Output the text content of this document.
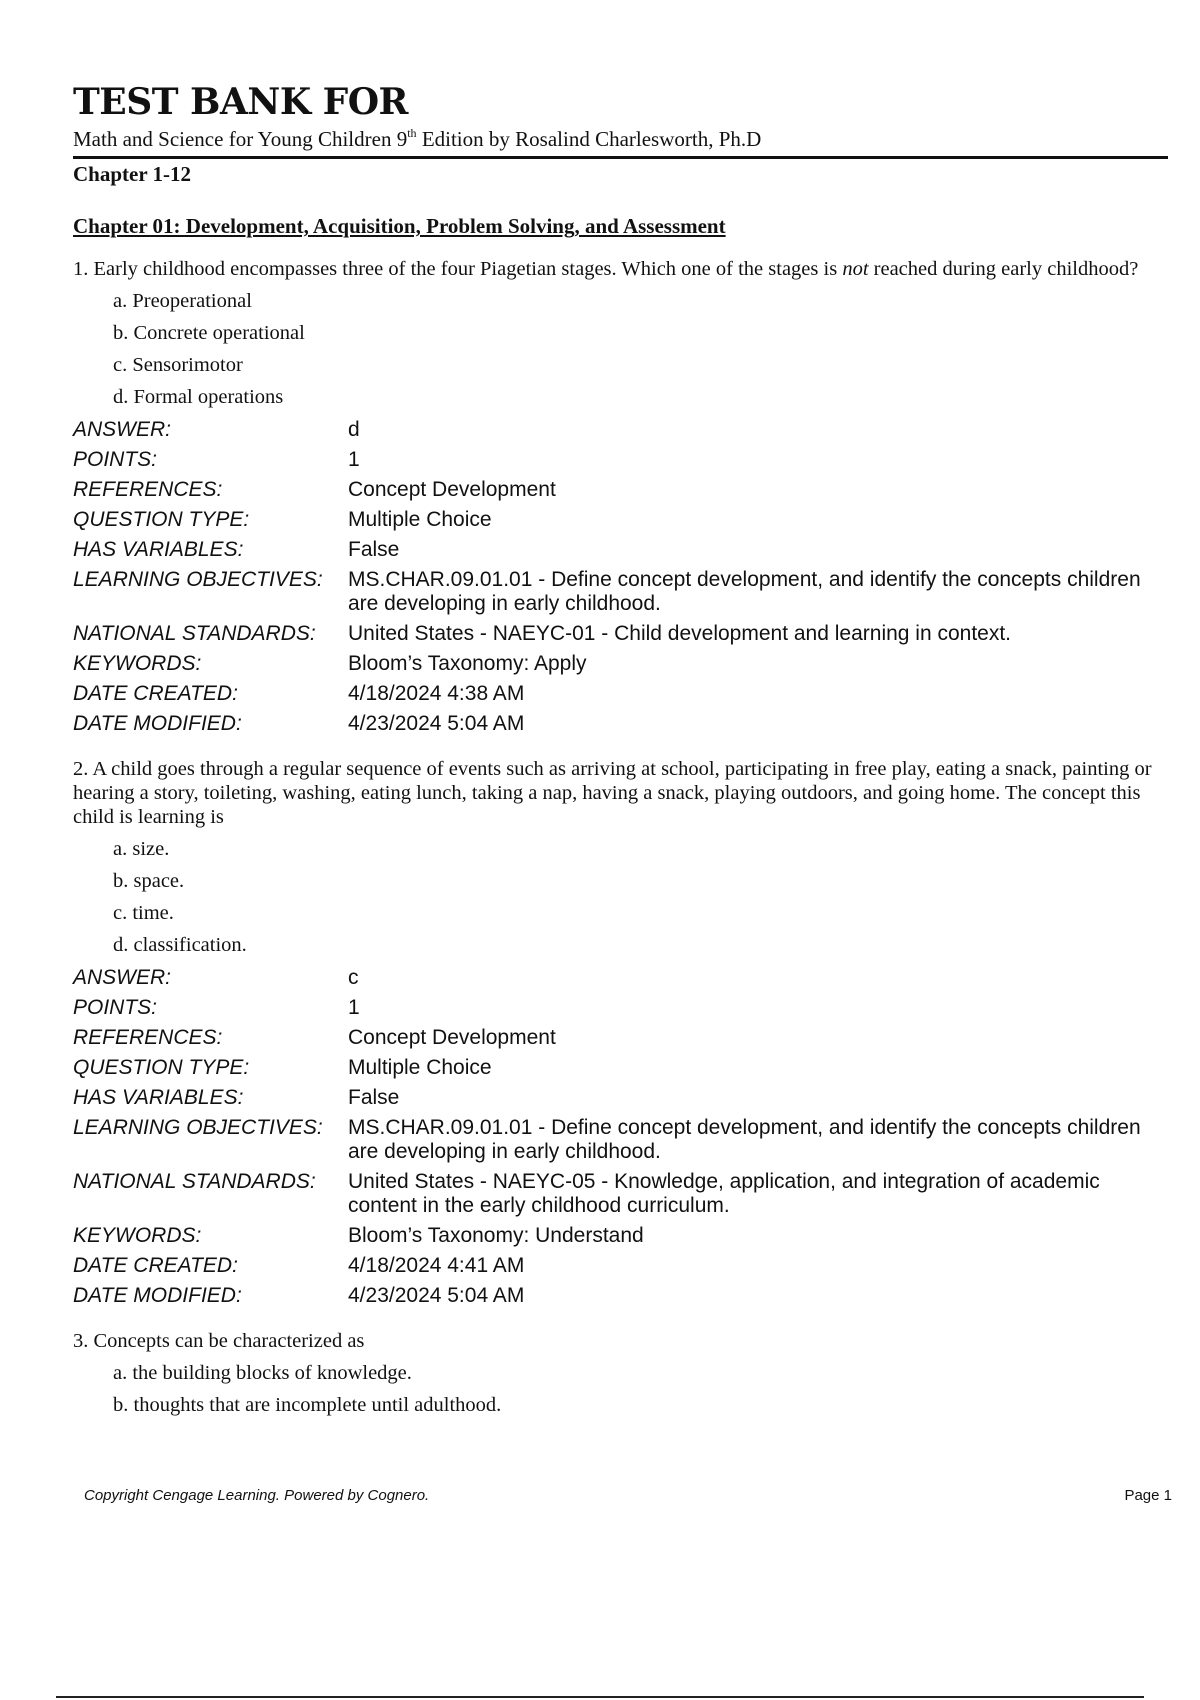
TEST BANK FOR
Math and Science for Young Children 9th Edition by Rosalind Charlesworth, Ph.D
Chapter 1-12
Chapter 01: Development, Acquisition, Problem Solving, and Assessment
1. Early childhood encompasses three of the four Piagetian stages. Which one of the stages is not reached during early childhood?
a. Preoperational
b. Concrete operational
c. Sensorimotor
d. Formal operations
ANSWER:	d
POINTS:	1
REFERENCES:	Concept Development
QUESTION TYPE:	Multiple Choice
HAS VARIABLES:	False
LEARNING OBJECTIVES:	MS.CHAR.09.01.01 - Define concept development, and identify the concepts children are developing in early childhood.
NATIONAL STANDARDS:	United States - NAEYC-01 - Child development and learning in context.
KEYWORDS:	Bloom’s Taxonomy: Apply
DATE CREATED:	4/18/2024 4:38 AM
DATE MODIFIED:	4/23/2024 5:04 AM
2. A child goes through a regular sequence of events such as arriving at school, participating in free play, eating a snack, painting or hearing a story, toileting, washing, eating lunch, taking a nap, having a snack, playing outdoors, and going home. The concept this child is learning is
a. size.
b. space.
c. time.
d. classification.
ANSWER:	c
POINTS:	1
REFERENCES:	Concept Development
QUESTION TYPE:	Multiple Choice
HAS VARIABLES:	False
LEARNING OBJECTIVES:	MS.CHAR.09.01.01 - Define concept development, and identify the concepts children are developing in early childhood.
NATIONAL STANDARDS:	United States - NAEYC-05 - Knowledge, application, and integration of academic content in the early childhood curriculum.
KEYWORDS:	Bloom’s Taxonomy: Understand
DATE CREATED:	4/18/2024 4:41 AM
DATE MODIFIED:	4/23/2024 5:04 AM
3. Concepts can be characterized as
a. the building blocks of knowledge.
b. thoughts that are incomplete until adulthood.
Copyright Cengage Learning. Powered by Cognero.	Page 1
